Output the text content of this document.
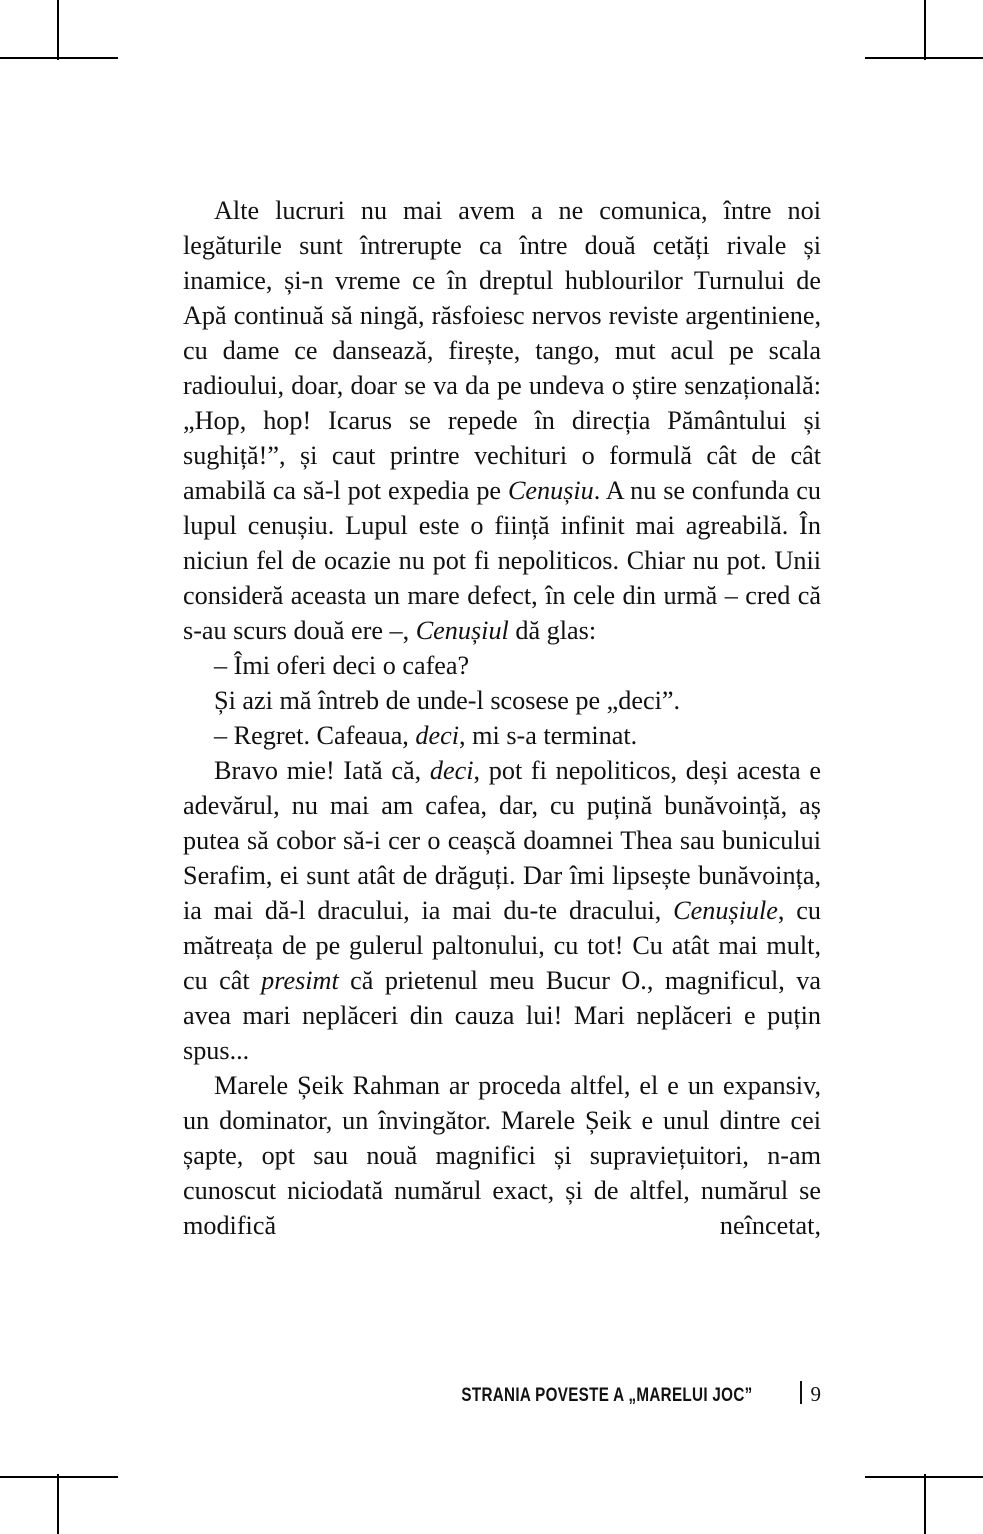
Alte lucruri nu mai avem a ne comunica, între noi legăturile sunt întrerupte ca între două cetăți rivale și inamice, și-n vreme ce în dreptul hublourilor Turnului de Apă continuă să ningă, răsfoiesc nervos reviste argentiniene, cu dame ce dansează, firește, tango, mut acul pe scala radioului, doar, doar se va da pe undeva o știre senzațională: „Hop, hop! Icarus se repede în direcția Pământului și sughiță!”, și caut printre vechituri o formulă cât de cât amabilă ca să-l pot expedia pe Cenușiu. A nu se confunda cu lupul cenușiu. Lupul este o ființă infinit mai agreabilă. În niciun fel de ocazie nu pot fi nepoliticos. Chiar nu pot. Unii consideră aceasta un mare defect, în cele din urmă – cred că s-au scurs două ere –, Cenușiul dă glas:

– Îmi oferi deci o cafea?

Și azi mă întreb de unde-l scosese pe „deci”.

– Regret. Cafeaua, deci, mi s-a terminat.

Bravo mie! Iată că, deci, pot fi nepoliticos, deși acesta e adevărul, nu mai am cafea, dar, cu puțină bunăvoință, aș putea să cobor să-i cer o ceașcă doamnei Thea sau bunicului Serafim, ei sunt atât de drăguți. Dar îmi lipsește bunăvoința, ia mai dă-l dracului, ia mai du-te dracului, Cenușiule, cu mătreața de pe gulerul paltonului, cu tot! Cu atât mai mult, cu cât presimt că prietenul meu Bucur O., magnificul, va avea mari neplăceri din cauza lui! Mari neplăceri e puțin spus...

Marele Șeik Rahman ar proceda altfel, el e un expansiv, un dominator, un învingător. Marele Șeik e unul dintre cei șapte, opt sau nouă magnifici și supraviețuitori, n-am cunoscut niciodată numărul exact, și de altfel, numărul se modifică neîncetat,

STRANIA POVESTE A „MARELUI JOC”	9
